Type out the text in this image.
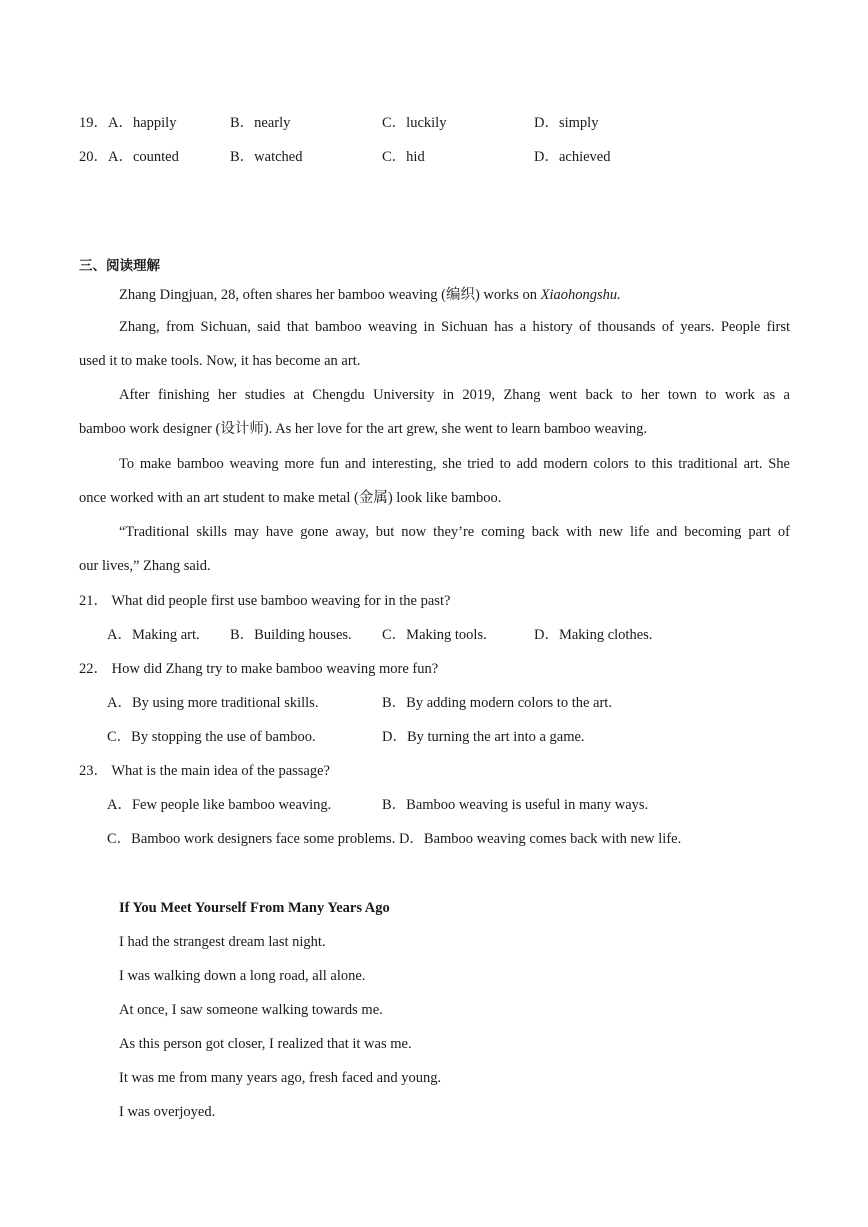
19． A．happily	B．nearly	C．luckily	D．simply
20． A．counted	B．watched	C．hid	D．achieved
三、阅读理解
Zhang Dingjuan, 28, often shares her bamboo weaving (编织) works on Xiaohongshu.
Zhang, from Sichuan, said that bamboo weaving in Sichuan has a history of thousands of years. People first
used it to make tools. Now, it has become an art.
After finishing her studies at Chengdu University in 2019, Zhang went back to her town to work as a
bamboo work designer (设计师). As her love for the art grew, she went to learn bamboo weaving.
To make bamboo weaving more fun and interesting, she tried to add modern colors to this traditional art. She
once worked with an art student to make metal (金属) look like bamboo.
“Traditional skills may have gone away, but now they’re coming back with new life and becoming part of
our lives,” Zhang said.
21． What did people first use bamboo weaving for in the past?
A．Making art. B．Building houses. C．Making tools.	D．Making clothes.
22． How did Zhang try to make bamboo weaving more fun?
A．By using more traditional skills.	B．By adding modern colors to the art.
C．By stopping the use of bamboo.	D．By turning the art into a game.
23． What is the main idea of the passage?
A．Few people like bamboo weaving.	B．Bamboo weaving is useful in many ways.
C．Bamboo work designers face some problems. D．Bamboo weaving comes back with new life.
If You Meet Yourself From Many Years Ago
I had the strangest dream last night.
I was walking down a long road, all alone.
At once, I saw someone walking towards me.
As this person got closer, I realized that it was me.
It was me from many years ago, fresh faced and young.
I was overjoyed.
